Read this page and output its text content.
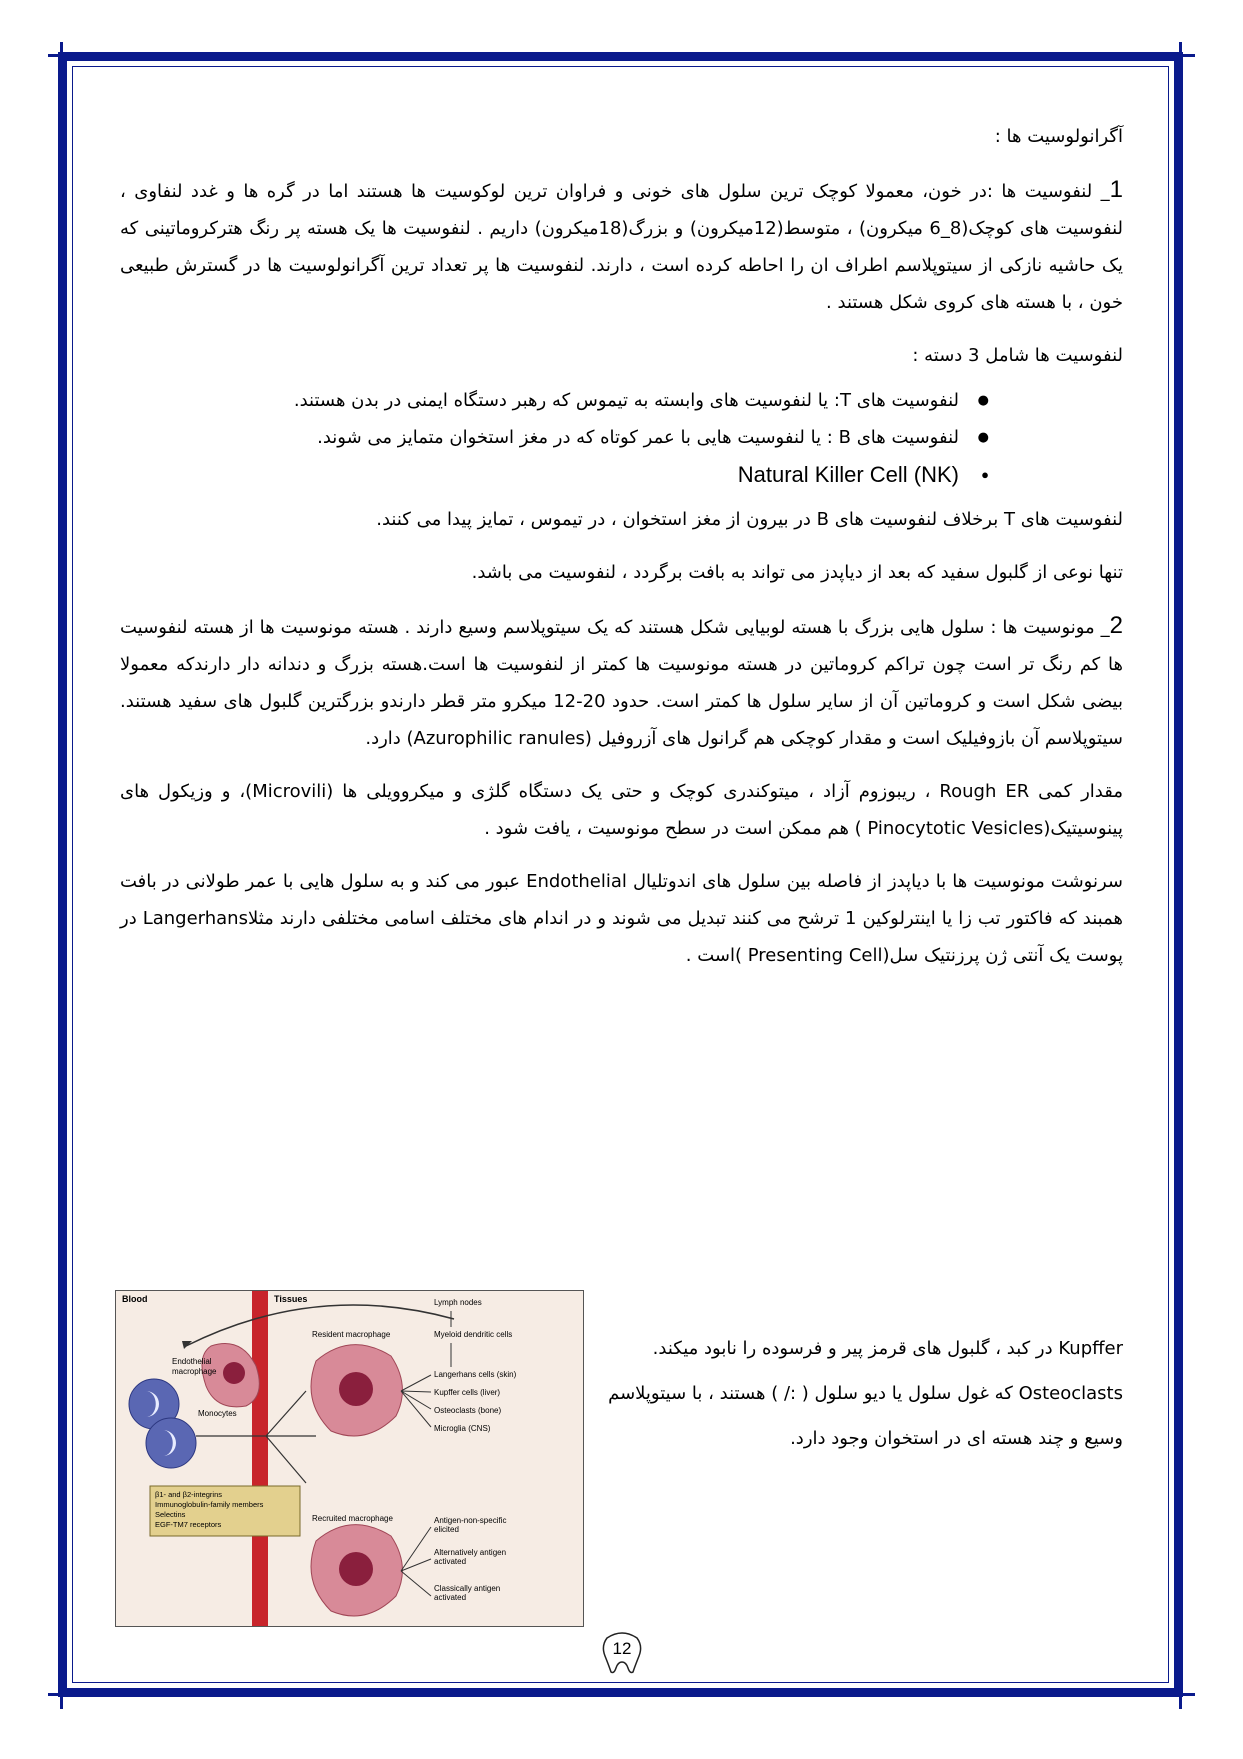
آگرانولوسیت ها :

1_ لنفوسیت ها :در خون، معمولا کوچک ترین سلول های خونی و فراوان ترین لوکوسیت ها هستند اما در گره ها و غدد لنفاوی ، لنفوسیت های کوچک(8_6 میکرون) ، متوسط(12میکرون) و بزرگ(18میکرون) داریم . لنفوسیت ها یک هسته پر رنگ هترکروماتینی که یک حاشیه نازکی از سیتوپلاسم اطراف ان را احاطه کرده است ، دارند. لنفوسیت ها پر تعداد ترین آگرانولوسیت ها در گسترش طبیعی خون ، با هسته های کروی شکل هستند .

لنفوسیت ها شامل 3 دسته :

● لنفوسیت های T: یا لنفوسیت های وابسته به تیموس که رهبر دستگاه ایمنی در بدن هستند.
● لنفوسیت های B : یا لنفوسیت هایی با عمر کوتاه که در مغز استخوان متمایز می شوند.
● Natural Killer Cell (NK)

لنفوسیت های T برخلاف لنفوسیت های B در بیرون از مغز استخوان ، در تیموس ، تمایز پیدا می کنند.

تنها نوعی از گلبول سفید که بعد از دیاپدز می تواند به بافت برگردد ، لنفوسیت می باشد.

2_ مونوسیت ها : سلول هایی بزرگ با هسته لوبیایی شکل هستند که یک سیتوپلاسم وسیع دارند . هسته مونوسیت ها از هسته لنفوسیت ها کم رنگ تر است چون تراکم کروماتین در هسته مونوسیت ها کمتر از لنفوسیت ها است.هسته بزرگ و دندانه دار دارندکه معمولا بیضی شکل است و کروماتین آن از سایر سلول ها کمتر است. حدود 20-12 میکرو متر قطر دارندو بزرگترین گلبول های سفید هستند. سیتوپلاسم آن بازوفیلیک است و مقدار کوچکی هم گرانول های آزروفیل (Azurophilic ranules) دارد.

مقدار کمی Rough ER ، ریبوزوم آزاد ، میتوکندری کوچک و حتی یک دستگاه گلژی و میکروویلی ها (Microvili)، و وزیکول های پینوسیتیک(Pinocytotic Vesicles ) هم ممکن است در سطح مونوسیت ، یافت شود .

سرنوشت مونوسیت ها با دیاپدز از فاصله بین سلول های اندوتلیال Endothelial عبور می کند و به سلول هایی با عمر طولانی در بافت همبند که فاکتور تب زا یا اینترلوکین 1 ترشح می کنند تبدیل می شوند و در اندام های مختلف اسامی مختلفی دارند مثلاLangerhans در پوست یک آنتی ژن پرزنتیک سل(Presenting Cell )است .

Blood	Tissues
Endothelial
macrophage
Monocytes
Resident macrophage
Recruited macrophage
Lymph nodes
Myeloid dendritic cells
Langerhans cells (skin)
Kupffer cells (liver)
Osteoclasts (bone)
Microglia (CNS)
Antigen-non-specific
elicited
Alternatively antigen
activated
Classically antigen
activated
β1- and β2-integrins
Immunoglobulin-family members
Selectins
EGF-TM7 receptors

Kupffer در کبد ، گلبول های قرمز پیر و فرسوده را نابود میکند.

Osteoclasts که غول سلول یا دیو سلول ( :/ ) هستند ، با سیتوپلاسم وسیع و چند هسته ای در استخوان وجود دارد.

12
